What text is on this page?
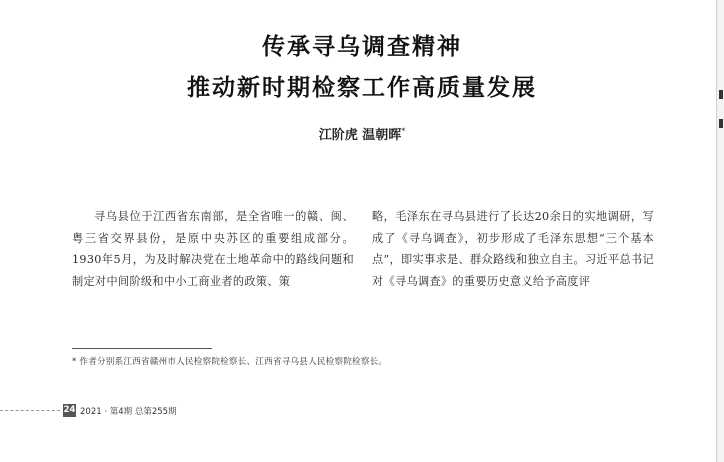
传承寻乌调查精神
推动新时期检察工作高质量发展
江阶虎 温朝晖*
寻乌县位于江西省东南部，是全省唯一的赣、闽、粤三省交界县份，是原中央苏区的重要组成部分。1930年5月，为及时解决党在土地革命中的路线问题和制定对中间阶级和中小工商业者的政策、策
略，毛泽东在寻乌县进行了长达20余日的实地调研，写成了《寻乌调查》，初步形成了毛泽东思想“三个基本点”，即实事求是、群众路线和独立自主。习近平总书记对《寻乌调查》的重要历史意义给予高度评
* 作者分别系江西省赣州市人民检察院检察长、江西省寻乌县人民检察院检察长。
24 2021 · 第4期 总第255期
